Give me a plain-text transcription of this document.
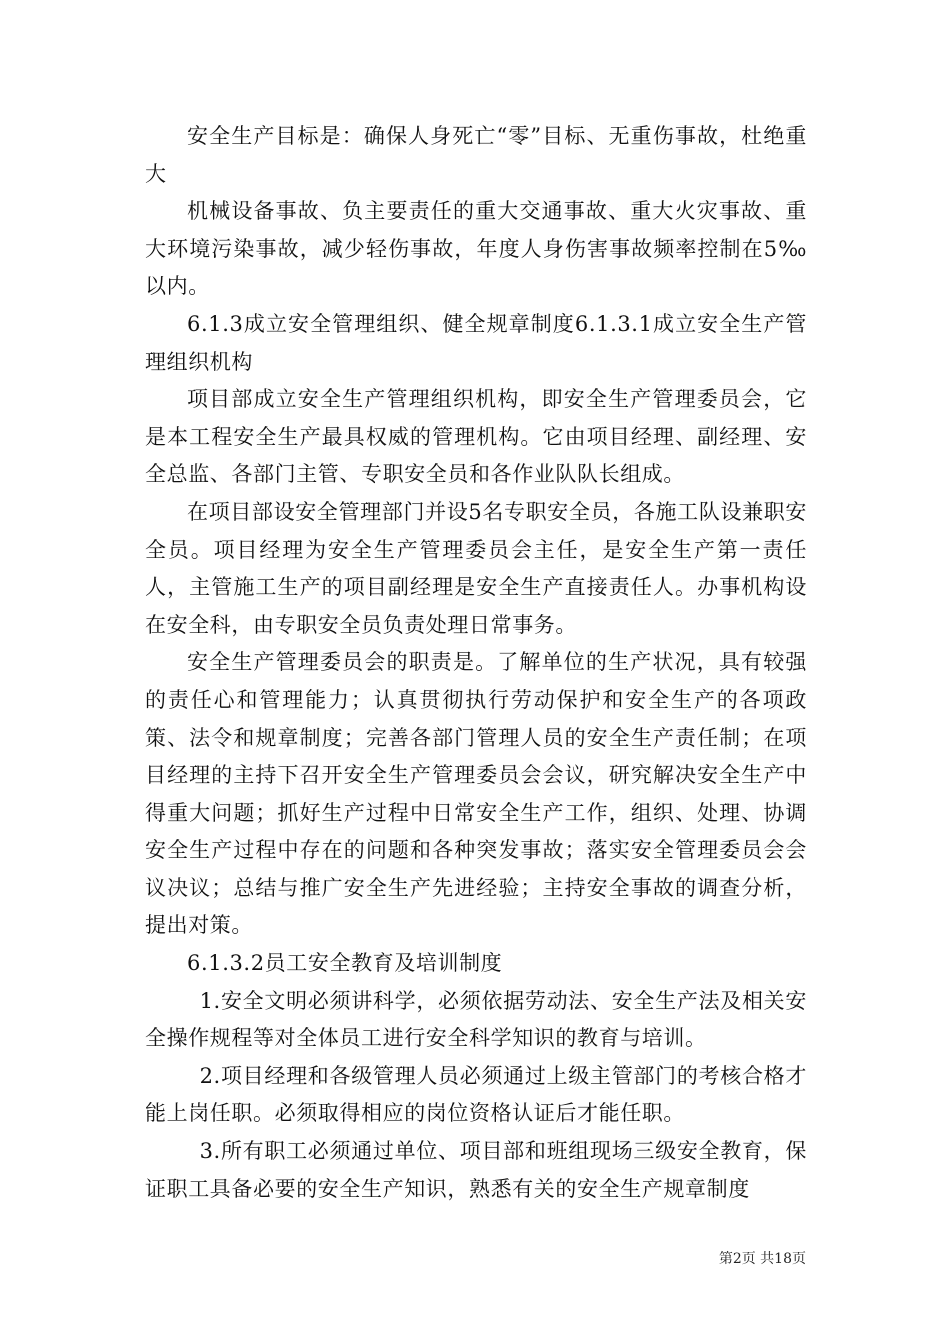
安全生产目标是：确保人身死亡“零”目标、无重伤事故，杜绝重大

机械设备事故、负主要责任的重大交通事故、重大火灾事故、重大环境污染事故，减少轻伤事故，年度人身伤害事故频率控制在5‰以内。

6.1.3成立安全管理组织、健全规章制度6.1.3.1成立安全生产管理组织机构

项目部成立安全生产管理组织机构，即安全生产管理委员会，它是本工程安全生产最具权威的管理机构。它由项目经理、副经理、安全总监、各部门主管、专职安全员和各作业队队长组成。

在项目部设安全管理部门并设5名专职安全员，各施工队设兼职安全员。项目经理为安全生产管理委员会主任，是安全生产第一责任人，主管施工生产的项目副经理是安全生产直接责任人。办事机构设在安全科，由专职安全员负责处理日常事务。

安全生产管理委员会的职责是。了解单位的生产状况，具有较强的责任心和管理能力；认真贯彻执行劳动保护和安全生产的各项政策、法令和规章制度；完善各部门管理人员的安全生产责任制；在项目经理的主持下召开安全生产管理委员会会议，研究解决安全生产中得重大问题；抓好生产过程中日常安全生产工作，组织、处理、协调安全生产过程中存在的问题和各种突发事故；落实安全管理委员会会议决议；总结与推广安全生产先进经验；主持安全事故的调查分析，提出对策。

6.1.3.2员工安全教育及培训制度

1.安全文明必须讲科学，必须依据劳动法、安全生产法及相关安全操作规程等对全体员工进行安全科学知识的教育与培训。

2.项目经理和各级管理人员必须通过上级主管部门的考核合格才能上岗任职。必须取得相应的岗位资格认证后才能任职。

3.所有职工必须通过单位、项目部和班组现场三级安全教育，保证职工具备必要的安全生产知识，熟悉有关的安全生产规章制度

第2页 共18页
